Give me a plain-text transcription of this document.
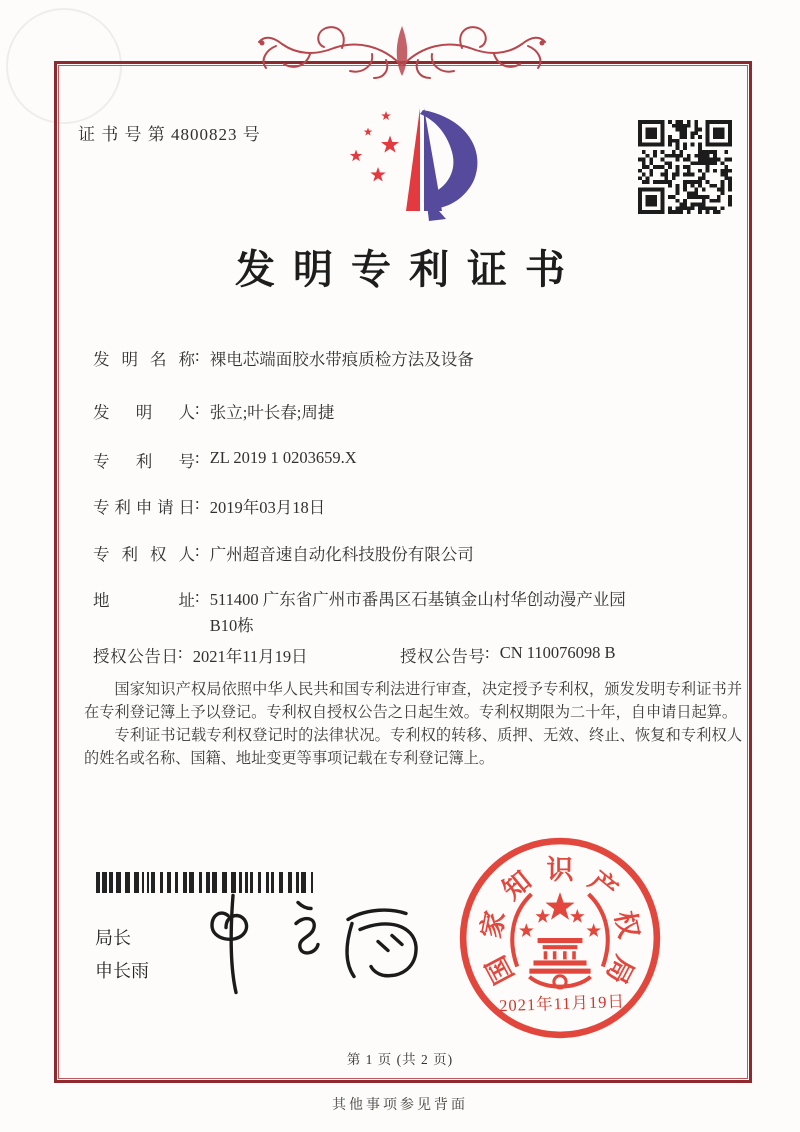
证 书 号 第 4800823 号
发明专利证书
发明名称 : 裸电芯端面胶水带痕质检方法及设备
发明人 : 张立;叶长春;周捷
专利号 : ZL 2019 1 0203659.X
专利申请日 : 2019年03月18日
专利权人 : 广州超音速自动化科技股份有限公司
地址 : 511400 广东省广州市番禺区石基镇金山村华创动漫产业园B10栋
授权公告日 : 2021年11月19日	授权公告号 : CN 110076098 B

国家知识产权局依照中华人民共和国专利法进行审查，决定授予专利权，颁发发明专利证书并在专利登记簿上予以登记。专利权自授权公告之日起生效。专利权期限为二十年，自申请日起算。

专利证书记载专利权登记时的法律状况。专利权的转移、质押、无效、终止、恢复和专利权人的姓名或名称、国籍、地址变更等事项记载在专利登记簿上。

局长
申长雨	国
家
知 识 产
权
局
2021年11月19日
第 1 页 (共 2 页)
其他事项参见背面
